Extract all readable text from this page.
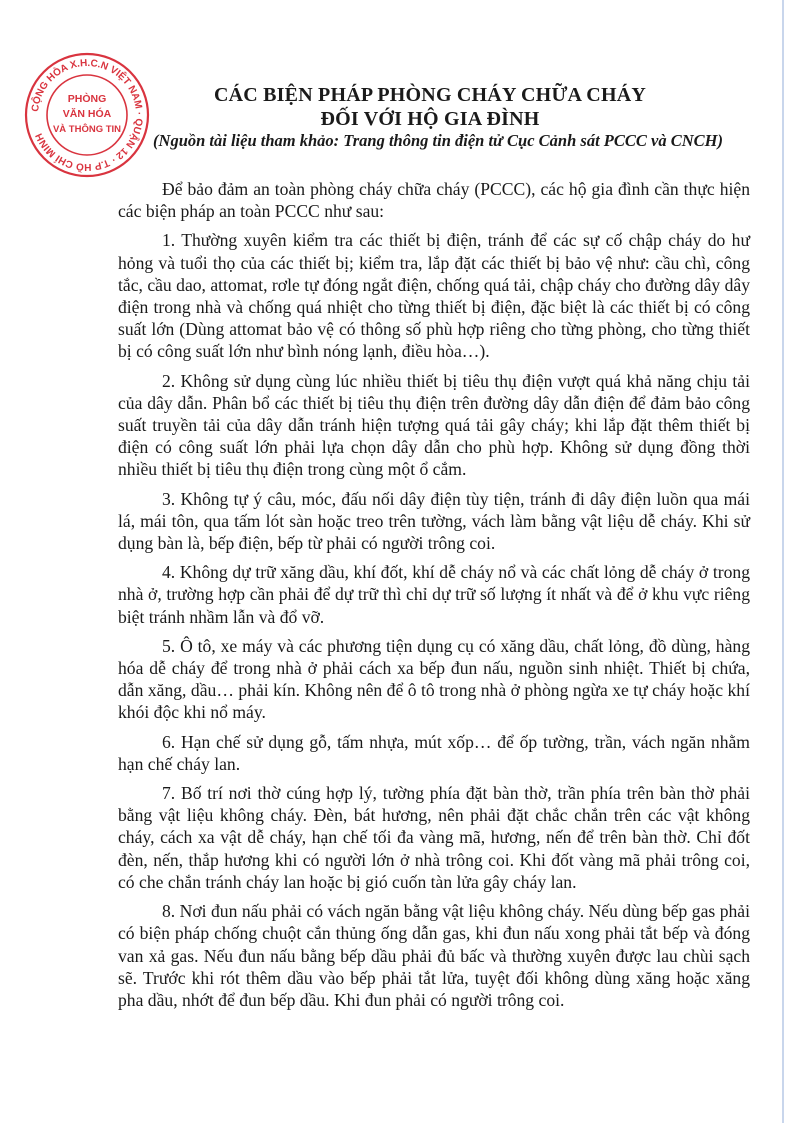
CỘNG HÒA X.H.C.N VIỆT NAM · QUẬN 12 · T.P HỒ CHÍ MINH
PHÒNG
VĂN HÓA
VÀ THÔNG TIN
CÁC BIỆN PHÁP PHÒNG CHÁY CHỮA CHÁY
ĐỐI VỚI HỘ GIA ĐÌNH
(Nguồn tài liệu tham khảo: Trang thông tin điện tử Cục Cảnh sát PCCC và CNCH)

Để bảo đảm an toàn phòng cháy chữa cháy (PCCC), các hộ gia đình cần thực hiện các biện pháp an toàn PCCC như sau:

1. Thường xuyên kiểm tra các thiết bị điện, tránh để các sự cố chập cháy do hư hỏng và tuổi thọ của các thiết bị; kiểm tra, lắp đặt các thiết bị bảo vệ như: cầu chì, công tắc, cầu dao, attomat, rơle tự đóng ngắt điện, chống quá tải, chập cháy cho đường dây dây điện trong nhà và chống quá nhiệt cho từng thiết bị điện, đặc biệt là các thiết bị có công suất lớn (Dùng attomat bảo vệ có thông số phù hợp riêng cho từng phòng, cho từng thiết bị có công suất lớn như bình nóng lạnh, điều hòa…).

2. Không sử dụng cùng lúc nhiều thiết bị tiêu thụ điện vượt quá khả năng chịu tải của dây dẫn. Phân bổ các thiết bị tiêu thụ điện trên đường dây dẫn điện để đảm bảo công suất truyền tải của dây dẫn tránh hiện tượng quá tải gây cháy; khi lắp đặt thêm thiết bị điện có công suất lớn phải lựa chọn dây dẫn cho phù hợp. Không sử dụng đồng thời nhiều thiết bị tiêu thụ điện trong cùng một ổ cắm.

3. Không tự ý câu, móc, đấu nối dây điện tùy tiện, tránh đi dây điện luồn qua mái lá, mái tôn, qua tấm lót sàn hoặc treo trên tường, vách làm bằng vật liệu dễ cháy. Khi sử dụng bàn là, bếp điện, bếp từ phải có người trông coi.

4. Không dự trữ xăng dầu, khí đốt, khí dễ cháy nổ và các chất lỏng dễ cháy ở trong nhà ở, trường hợp cần phải để dự trữ thì chỉ dự trữ số lượng ít nhất và để ở khu vực riêng biệt tránh nhầm lẫn và đổ vỡ.

5. Ô tô, xe máy và các phương tiện dụng cụ có xăng dầu, chất lỏng, đồ dùng, hàng hóa dễ cháy để trong nhà ở phải cách xa bếp đun nấu, nguồn sinh nhiệt. Thiết bị chứa, dẫn xăng, dầu… phải kín. Không nên để ô tô trong nhà ở phòng ngừa xe tự cháy hoặc khí khói độc khi nổ máy.

6. Hạn chế sử dụng gỗ, tấm nhựa, mút xốp… để ốp tường, trần, vách ngăn nhằm hạn chế cháy lan.

7. Bố trí nơi thờ cúng hợp lý, tường phía đặt bàn thờ, trần phía trên bàn thờ phải bằng vật liệu không cháy. Đèn, bát hương, nên phải đặt chắc chắn trên các vật không cháy, cách xa vật dễ cháy, hạn chế tối đa vàng mã, hương, nến để trên bàn thờ. Chỉ đốt đèn, nến, thắp hương khi có người lớn ở nhà trông coi. Khi đốt vàng mã phải trông coi, có che chắn tránh cháy lan hoặc bị gió cuốn tàn lửa gây cháy lan.

8. Nơi đun nấu phải có vách ngăn bằng vật liệu không cháy. Nếu dùng bếp gas phải có biện pháp chống chuột cắn thủng ống dẫn gas, khi đun nấu xong phải tắt bếp và đóng van xả gas. Nếu đun nấu bằng bếp dầu phải đủ bấc và thường xuyên được lau chùi sạch sẽ. Trước khi rót thêm dầu vào bếp phải tắt lửa, tuyệt đối không dùng xăng hoặc xăng pha dầu, nhớt để đun bếp dầu. Khi đun phải có người trông coi.
